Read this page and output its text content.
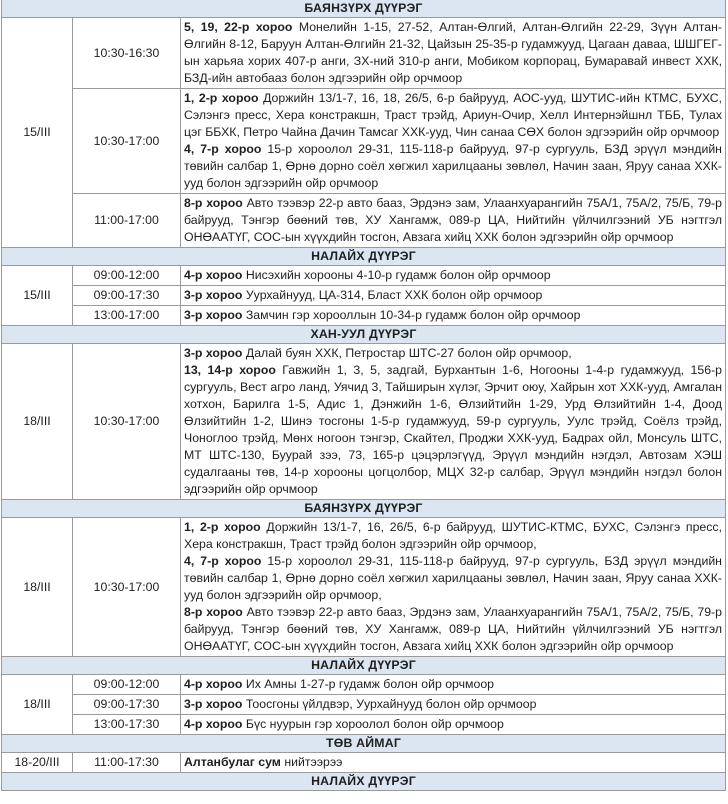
БАЯНЗҮРХ ДҮҮРЭГ		
15/III	10:30-16:30	5, 19, 22-р хороо Монелийн 1-15, 27-52, Алтан-Өлгий, Алтан-Өлгийн 22-29, Зүүн Алтан-Өлгийн 8-12, Баруун Алтан-Өлгийн 21-32, Цайзын 25-35-р гудамжууд, Цагаан даваа, ШШГЕГ-ын харьяа хорих 407-р анги, ЗХ-ний 310-р анги, Мобиком корпорац, Бумаравай инвест ХХК, БЗД-ийн автобааз болон эдгээрийн ойр орчмоор

	10:30-17:00	1, 2-р хороо Доржийн 13/1-7, 16, 18, 26/5, 6-р байрууд, АОС-ууд, ШУТИС-ийн КТМС, БУХС, Сэлэнгэ пресс, Хера констракшн, Траст трэйд, Ариун-Очир, Хелл Интернэйшнл ТББ, Тулах цэг ББХК, Петро Чайна Дачин Тамсаг ХХК-ууд, Чин санаа СӨХ болон эдгээрийн ойр орчмоор
4, 7-р хороо 15-р хороолол 29-31, 115-118-р байрууд, 97-р сургууль, БЗД эрүүл мэндийн төвийн салбар 1, Өрнө дорно соёл хөгжил харилцааны зөвлөл, Начин заан, Яруу санаа ХХК-ууд болон эдгээрийн ойр орчмоор

	11:00-17:00	8-р хороо Авто тээвэр 22-р авто бааз, Эрдэнэ зам, Улаанхуарангийн 75А/1, 75А/2, 75/Б, 79-р байрууд, Тэнгэр бөөний төв, ХУ Хангамж, 089-р ЦА, Нийтийн үйлчилгээний УБ нэгтгэл ОНӨААТҮГ, СОС-ын хүүхдийн тосгон, Авзага хийц ХХК болон эдгээрийн ойр орчмоор

НАЛАЙХ ДҮҮРЭГ		
15/III	09:00-12:00	4-р хороо Нисэхийн хорооны 4-10-р гудамж болон ойр орчмоор

	09:00-17:30	3-р хороо Уурхайнууд, ЦА-314, Бласт ХХК болон ойр орчмоор

	13:00-17:00	3-р хороо Замчин гэр хорооллын 10-34-р гудамж болон ойр орчмоор

ХАН-УУЛ ДҮҮРЭГ		
18/III	10:30-17:00	3-р хороо Далай буян ХХК, Петростар ШТС-27 болон ойр орчмоор,
13, 14-р хороо Гавжийн 1, 3, 5, задгай, Бурхантын 1-6, Ногооны 1-4-р гудамжууд, 156-р сургууль, Вест агро ланд, Уячид 3, Тайширын хүлэг, Эрчит оюу, Хайрын хот ХХК-ууд, Амгалан хотхон, Барилга 1-5, Адис 1, Дэнжийн 1-6, Өлзийтийн 1-29, Урд Өлзийтийн 1-4, Доод Өлзийтийн 1-2, Шинэ тосгоны 1-5-р гудамжууд, 59-р сургууль, Уулс трэйд, Соёлз трэйд, Чоноглоо трэйд, Мөнх ногоон тэнгэр, Скайтел, Проджи ХХК-ууд, Бадрах ойл, Монсуль ШТС, МТ ШТС-130, Буурай зээ, 73, 165-р цэцэрлэгүүд, Эрүүл мэндийн нэгдэл, Автозам ХЭШ судалгааны төв, 14-р хорооны цогцолбор, МЦХ 32-р салбар, Эрүүл мэндийн нэгдэл болон эдгээрийн ойр орчмоор

БАЯНЗҮРХ ДҮҮРЭГ		
18/III	10:30-17:00	1, 2-р хороо Доржийн 13/1-7, 16, 26/5, 6-р байрууд, ШУТИС-КТМС, БУХС, Сэлэнгэ пресс, Хера констракшн, Траст трэйд болон эдгээрийн ойр орчмоор,
4, 7-р хороо 15-р хороолол 29-31, 115-118-р байрууд, 97-р сургууль, БЗД эрүүл мэндийн төвийн салбар 1, Өрнө дорно соёл хөгжил харилцааны зөвлөл, Начин заан, Яруу санаа ХХК-ууд болон эдгээрийн ойр орчмоор,
8-р хороо Авто тээвэр 22-р авто бааз, Эрдэнэ зам, Улаанхуарангийн 75А/1, 75А/2, 75/Б, 79-р байрууд, Тэнгэр бөөний төв, ХУ Хангамж, 089-р ЦА, Нийтийн үйлчилгээний УБ нэгтгэл ОНӨААТҮГ, СОС-ын хүүхдийн тосгон, Авзага хийц ХХК болон эдгээрийн ойр орчмоор

НАЛАЙХ ДҮҮРЭГ		
18/III	09:00-12:00	4-р хороо Их Амны 1-27-р гудамж болон ойр орчмоор

	09:00-17:30	3-р хороо Тоосгоны үйлдвэр, Уурхайнууд болон ойр орчмоор

	13:00-17:30	4-р хороо Бүс нуурын гэр хороолол болон ойр орчмоор

ТӨВ АЙМАГ		
18-20/III	11:00-17:30	Алтанбулаг сум нийтээрээ

НАЛАЙХ ДҮҮРЭГ		
